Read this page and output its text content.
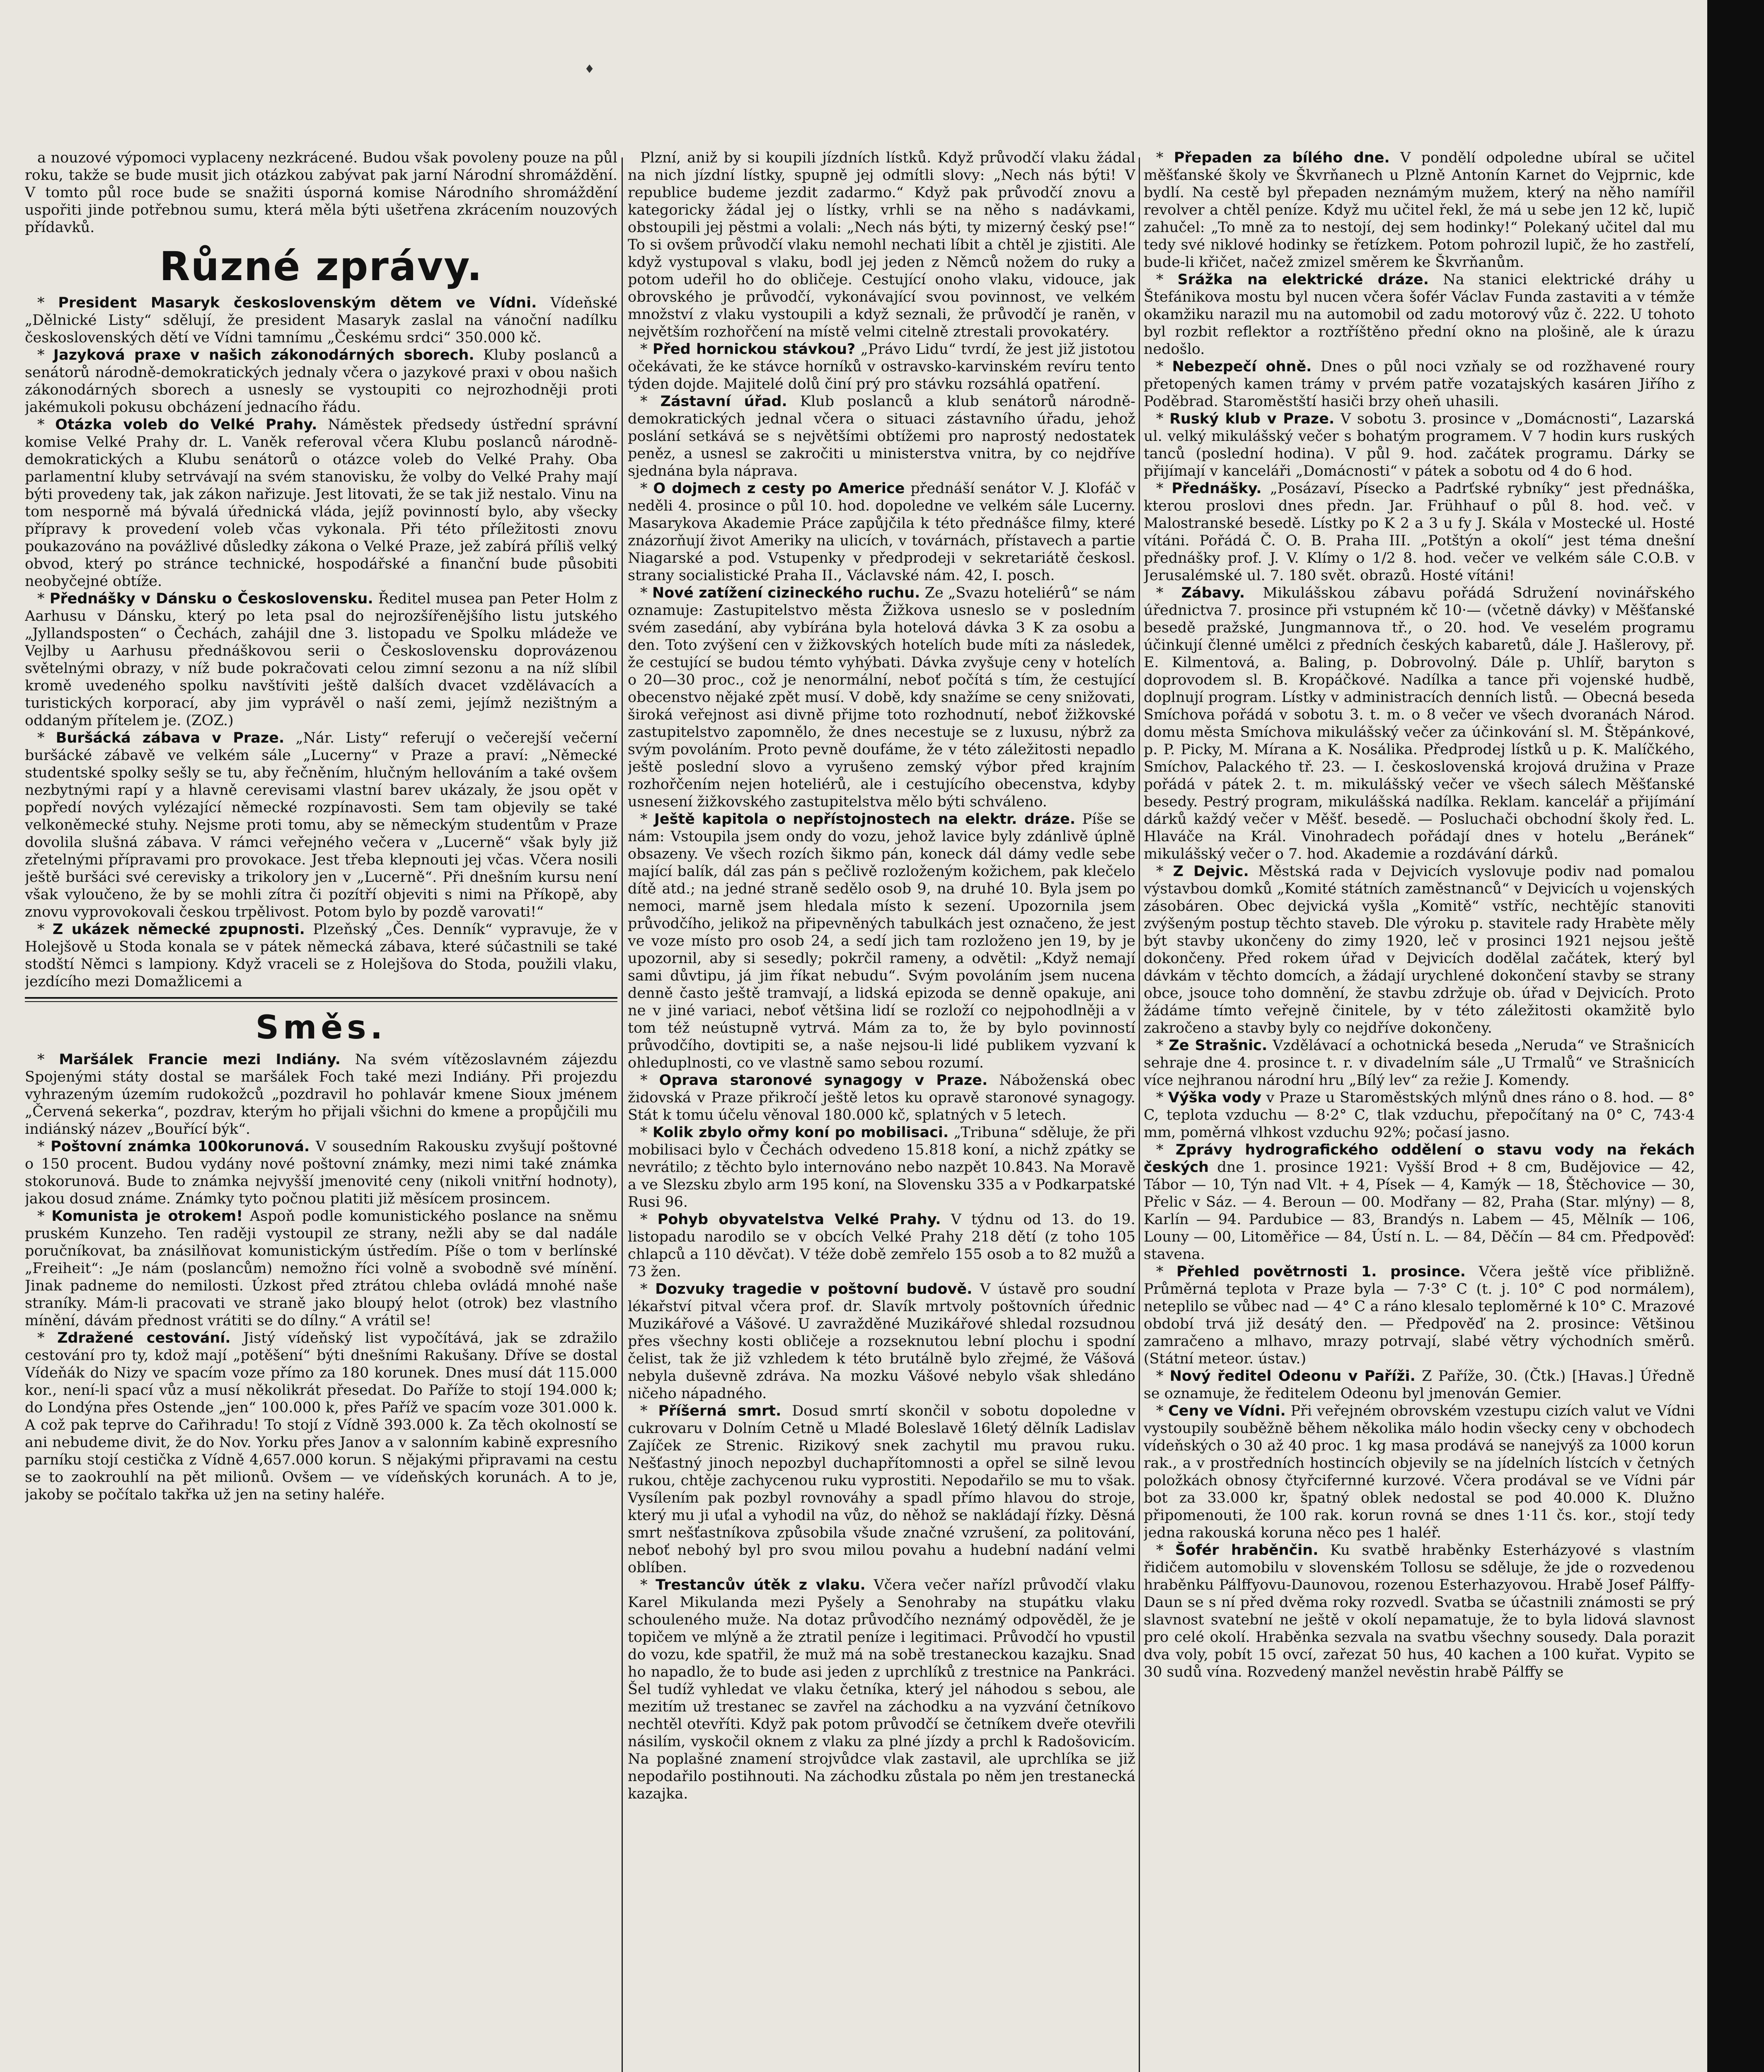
♦

a nouzové výpomoci vyplaceny nezkrácené. Budou však povoleny pouze na půl roku, takže se bude musit jich otázkou zabývat pak jarní Národní shromáždění. V tomto půl roce bude se snažiti úsporná komise Národního shromáždění uspořiti jinde potřebnou sumu, která měla býti ušetřena zkrácením nouzových přídavků.

Různé zprávy.

* President Masaryk československým dětem ve Vídni. Vídeňské „Dělnické Listy“ sdělují, že president Masaryk zaslal na vánoční nadílku československých dětí ve Vídni tamnímu „Českému srdci“ 350.000 kč.

* Jazyková praxe v našich zákonodárných sborech. Kluby poslanců a senátorů národně-demokratických jednaly včera o jazykové praxi v obou našich zákonodárných sborech a usnesly se vystoupiti co nejrozhodněji proti jakémukoli pokusu obcházení jednacího řádu.

* Otázka voleb do Velké Prahy. Náměstek předsedy ústřední správní komise Velké Prahy dr. L. Vaněk referoval včera Klubu poslanců národně-demokratických a Klubu senátorů o otázce voleb do Velké Prahy. Oba parlamentní kluby setrvávají na svém stanovisku, že volby do Velké Prahy mají býti provedeny tak, jak zákon nařizuje. Jest litovati, že se tak již nestalo. Vinu na tom nesporně má bývalá úřednická vláda, jejíž povinností bylo, aby všecky přípravy k provedení voleb včas vykonala. Při této příležitosti znovu poukazováno na povážlivé důsledky zákona o Velké Praze, jež zabírá příliš velký obvod, který po stránce technické, hospodářské a finanční bude působiti neobyčejné obtíže.

* Přednášky v Dánsku o Československu. Ředitel musea pan Peter Holm z Aarhusu v Dánsku, který po leta psal do nejrozšířenějšího listu jutského „Jyllandsposten“ o Čechách, zahájil dne 3. listopadu ve Spolku mládeže ve Vejlby u Aarhusu přednáškovou serii o Československu doprovázenou světelnými obrazy, v níž bude pokračovati celou zimní sezonu a na níž slíbil kromě uvedeného spolku navštíviti ještě dalších dvacet vzdělávacích a turistických korporací, aby jim vyprávěl o naší zemi, jejímž nezištným a oddaným přítelem je. (ZOZ.)

* Buršácká zábava v Praze. „Nár. Listy“ referují o večerejší večerní buršácké zábavě ve velkém sále „Lucerny“ v Praze a praví: „Německé studentské spolky sešly se tu, aby řečněním, hlučným hellováním a také ovšem nezbytnými rapí y a hlavně cerevisami vlastní barev ukázaly, že jsou opět v popředí nových vylézající německé rozpínavosti. Sem tam objevily se také velkoněmecké stuhy. Nejsme proti tomu, aby se německým studentům v Praze dovolila slušná zábava. V rámci veřejného večera v „Lucerně“ však byly již zřetelnými přípravami pro provokace. Jest třeba klepnouti jej včas. Včera nosili ještě buršáci své cerevisky a trikolory jen v „Lucerně“. Při dnešním kursu není však vyloučeno, že by se mohli zítra či pozítří objeviti s nimi na Příkopě, aby znovu vyprovokovali českou trpělivost. Potom bylo by pozdě varovati!“

* Z ukázek německé zpupnosti. Plzeňský „Čes. Denník“ vypravuje, že v Holejšově u Stoda konala se v pátek německá zábava, které súčastnili se také stodští Němci s lampiony. Když vraceli se z Holejšova do Stoda, použili vlaku, jezdícího mezi Domažlicemi a

Směs.

* Maršálek Francie mezi Indiány. Na svém vítězoslavném zájezdu Spojenými státy dostal se maršálek Foch také mezi Indiány. Při projezdu vyhrazeným územím rudokožců „pozdravil ho pohlavár kmene Sioux jménem „Červená sekerka“, pozdrav, kterým ho přijali všichni do kmene a propůjčili mu indiánský název „Bouřící býk“.

* Poštovní známka 100korunová. V sousedním Rakousku zvyšují poštovné o 150 procent. Budou vydány nové poštovní známky, mezi nimi také známka stokorunová. Bude to známka nejvyšší jmenovité ceny (nikoli vnitřní hodnoty), jakou dosud známe. Známky tyto počnou platiti již měsícem prosincem.

* Komunista je otrokem! Aspoň podle komunistického poslance na sněmu pruském Kunzeho. Ten raději vystoupil ze strany, nežli aby se dal nadále poručníkovat, ba znásilňovat komunistickým ústředím. Píše o tom v berlínské „Freiheit“: „Je nám (poslancům) nemožno říci volně a svobodně své mínění. Jinak padneme do nemilosti. Úzkost před ztrátou chleba ovládá mnohé naše straníky. Mám-li pracovati ve straně jako bloupý helot (otrok) bez vlastního mínění, dávám přednost vrátiti se do dílny.“ A vrátil se!

* Zdražené cestování. Jistý vídeňský list vypočítává, jak se zdražilo cestování pro ty, kdož mají „potěšení“ býti dnešními Rakušany. Dříve se dostal Vídeňák do Nizy ve spacím voze přímo za 180 korunek. Dnes musí dát 115.000 kor., není-li spací vůz a musí několikrát přesedat. Do Paříže to stojí 194.000 k; do Londýna přes Ostende „jen“ 100.000 k, přes Paříž ve spacím voze 301.000 k. A což pak teprve do Cařihradu! To stojí z Vídně 393.000 k. Za těch okolností se ani nebudeme divit, že do Nov. Yorku přes Janov a v salonním kabině expresního parníku stojí cestička z Vídně 4,657.000 korun. S nějakými připravami na cestu se to zaokrouhlí na pět milionů. Ovšem — ve vídeňských korunách. A to je, jakoby se počítalo takřka už jen na setiny haléře.

Plzní, aniž by si koupili jízdních lístků. Když průvodčí vlaku žádal na nich jízdní lístky, spupně jej odmítli slovy: „Nech nás býti! V republice budeme jezdit zadarmo.“ Když pak průvodčí znovu a kategoricky žádal jej o lístky, vrhli se na něho s nadávkami, obstoupili jej pěstmi a volali: „Nech nás býti, ty mizerný český pse!“ To si ovšem průvodčí vlaku nemohl nechati líbit a chtěl je zjistiti. Ale když vystupoval s vlaku, bodl jej jeden z Němců nožem do ruky a potom udeřil ho do obličeje. Cestující onoho vlaku, vidouce, jak obrovského je průvodčí, vykonávající svou povinnost, ve velkém množství z vlaku vystoupili a když seznali, že průvodčí je raněn, v největším rozhořčení na místě velmi citelně ztrestali provokatéry.

* Před hornickou stávkou? „Právo Lidu“ tvrdí, že jest již jistotou očekávati, že ke stávce horníků v ostravsko-karvinském revíru tento týden dojde. Majitelé dolů činí prý pro stávku rozsáhlá opatření.

* Zástavní úřad. Klub poslanců a klub senátorů národně-demokratických jednal včera o situaci zástavního úřadu, jehož poslání setkává se s největšími obtížemi pro naprostý nedostatek peněz, a usnesl se zakročiti u ministerstva vnitra, by co nejdříve sjednána byla náprava.

* O dojmech z cesty po Americe přednáší senátor V. J. Klofáč v neděli 4. prosince o půl 10. hod. dopoledne ve velkém sále Lucerny. Masarykova Akademie Práce zapůjčila k této přednášce filmy, které znázorňují život Ameriky na ulicích, v továrnách, přístavech a partie Niagarské a pod. Vstupenky v předprodeji v sekretariátě českosl. strany socialistické Praha II., Václavské nám. 42, I. posch.

* Nové zatížení cizineckého ruchu. Ze „Svazu hoteliérů“ se nám oznamuje: Zastupitelstvo města Žižkova usneslo se v posledním svém zasedání, aby vybírána byla hotelová dávka 3 K za osobu a den. Toto zvýšení cen v žižkovských hotelích bude míti za následek, že cestující se budou témto vyhýbati. Dávka zvyšuje ceny v hotelích o 20—30 proc., což je nenormální, neboť počítá s tím, že cestující obecenstvo nějaké zpět musí. V době, kdy snažíme se ceny snižovati, široká veřejnost asi divně přijme toto rozhodnutí, neboť žižkovské zastupitelstvo zapomnělo, že dnes necestuje se z luxusu, nýbrž za svým povoláním. Proto pevně doufáme, že v této záležitosti nepadlo ještě poslední slovo a vyrušeno zemský výbor před krajním rozhořčením nejen hoteliérů, ale i cestujícího obecenstva, kdyby usnesení žižkovského zastupitelstva mělo býti schváleno.

* Ještě kapitola o nepřístojnostech na elektr. dráze. Píše se nám: Vstoupila jsem ondy do vozu, jehož lavice byly zdánlivě úplně obsazeny. Ve všech rozích šikmo pán, koneck dál dámy vedle sebe mající balík, dál zas pán s pečlivě rozloženým kožichem, pak klečelo dítě atd.; na jedné straně sedělo osob 9, na druhé 10. Byla jsem po nemoci, marně jsem hledala místo k sezení. Upozornila jsem průvodčího, jelikož na připevněných tabulkách jest označeno, že jest ve voze místo pro osob 24, a sedí jich tam rozloženo jen 19, by je upozornil, aby si sesedly; pokrčil rameny, a odvětil: „Když nemají sami důvtipu, já jim říkat nebudu“. Svým povoláním jsem nucena denně často ještě tramvají, a lidská epizoda se denně opakuje, ani ne v jiné variaci, neboť většina lidí se rozloží co nejpohodlněji a v tom též neústupně vytrvá. Mám za to, že by bylo povinností průvodčího, dovtipiti se, a naše nejsou-li lidé publikem vyzvaní k ohleduplnosti, co ve vlastně samo sebou rozumí.

* Oprava staronové synagogy v Praze. Náboženská obec židovská v Praze přikročí ještě letos ku opravě staronové synagogy. Stát k tomu účelu věnoval 180.000 kč, splatných v 5 letech.

* Kolik zbylo ořmy koní po mobilisaci. „Tribuna“ sděluje, že při mobilisaci bylo v Čechách odvedeno 15.818 koní, a nichž zpátky se nevrátilo; z těchto bylo internováno nebo nazpět 10.843. Na Moravě a ve Slezsku zbylo arm 195 koní, na Slovensku 335 a v Podkarpatské Rusi 96.

* Pohyb obyvatelstva Velké Prahy. V týdnu od 13. do 19. listopadu narodilo se v obcích Velké Prahy 218 dětí (z toho 105 chlapců a 110 děvčat). V téže době zemřelo 155 osob a to 82 mužů a 73 žen.

* Dozvuky tragedie v poštovní budově. V ústavě pro soudní lékařství pitval včera prof. dr. Slavík mrtvoly poštovních úřednic Muzikářové a Vášové. U zavražděné Muzikářové shledal rozsudnou přes všechny kosti obličeje a rozseknutou lební plochu i spodní čelist, tak že již vzhledem k této brutálně bylo zřejmé, že Vášová nebyla duševně zdráva. Na mozku Vášové nebylo však shledáno ničeho nápadného.

* Příšerná smrt. Dosud smrtí skončil v sobotu dopoledne v cukrovaru v Dolním Cetně u Mladé Boleslavě 16letý dělník Ladislav Zajíček ze Strenic. Rizikový snek zachytil mu pravou ruku. Nešťastný jinoch nepozbyl duchapřítomnosti a opřel se silně levou rukou, chtěje zachycenou ruku vyprostiti. Nepodařilo se mu to však. Vysílením pak pozbyl rovnováhy a spadl přímo hlavou do stroje, který mu ji uťal a vyhodil na vůz, do něhož se nakládají řízky. Děsná smrt nešťastníkova způsobila všude značné vzrušení, za politování, neboť nebohý byl pro svou milou povahu a hudební nadání velmi oblíben.

* Trestancův útěk z vlaku. Včera večer nařízl průvodčí vlaku Karel Mikulanda mezi Pyšely a Senohraby na stupátku vlaku schouleného muže. Na dotaz průvodčího neznámý odpověděl, že je topičem ve mlýně a že ztratil peníze i legitimaci. Průvodčí ho vpustil do vozu, kde spatřil, že muž má na sobě trestaneckou kazajku. Snad ho napadlo, že to bude asi jeden z uprchlíků z trestnice na Pankráci. Šel tudíž vyhledat ve vlaku četníka, který jel náhodou s sebou, ale mezitím už trestanec se zavřel na záchodku a na vyzvání četníkovo nechtěl otevříti. Když pak potom průvodčí se četníkem dveře otevřili násilím, vyskočil oknem z vlaku za plné jízdy a prchl k Radošovicím. Na poplašné znamení strojvůdce vlak zastavil, ale uprchlíka se již nepodařilo postihnouti. Na záchodku zůstala po něm jen trestanecká kazajka.

* Přepaden za bílého dne. V pondělí odpoledne ubíral se učitel měšťanské školy ve Škvrňanech u Plzně Antonín Karnet do Vejprnic, kde bydlí. Na cestě byl přepaden neznámým mužem, který na něho namířil revolver a chtěl peníze. Když mu učitel řekl, že má u sebe jen 12 kč, lupič zahučel: „To mně za to nestojí, dej sem hodinky!“ Polekaný učitel dal mu tedy své niklové hodinky se řetízkem. Potom pohrozil lupič, že ho zastřelí, bude-li křičet, načež zmizel směrem ke Škvrňanům.

* Srážka na elektrické dráze. Na stanici elektrické dráhy u Štefánikova mostu byl nucen včera šofér Václav Funda zastaviti a v témže okamžiku narazil mu na automobil od zadu motorový vůz č. 222. U tohoto byl rozbit reflektor a roztříštěno přední okno na plošině, ale k úrazu nedošlo.

* Nebezpečí ohně. Dnes o půl noci vzňaly se od rozžhavené roury přetopených kamen trámy v prvém patře vozatajských kasáren Jiřího z Poděbrad. Staroměstští hasiči brzy oheň uhasili.

* Ruský klub v Praze. V sobotu 3. prosince v „Domácnosti“, Lazarská ul. velký mikulášský večer s bohatým programem. V 7 hodin kurs ruských tanců (poslední hodina). V půl 9. hod. začátek programu. Dárky se přijímají v kanceláři „Domácnosti“ v pátek a sobotu od 4 do 6 hod.

* Přednášky. „Posázaví, Písecko a Padrťské rybníky“ jest přednáška, kterou proslovi dnes předn. Jar. Frühhauf o půl 8. hod. več. v Malostranské besedě. Lístky po K 2 a 3 u fy J. Skála v Mostecké ul. Hosté vítáni. Pořádá Č. O. B. Praha III. „Potštýn a okolí“ jest téma dnešní přednášky prof. J. V. Klímy o 1/2 8. hod. večer ve velkém sále C.O.B. v Jerusalémské ul. 7. 180 svět. obrazů. Hosté vítáni!

* Zábavy. Mikulášskou zábavu pořádá Sdružení novinářského úřednictva 7. prosince při vstupném kč 10·— (včetně dávky) v Měšťanské besedě pražské, Jungmannova tř., o 20. hod. Ve veselém programu účinkují členné umělci z předních českých kabaretů, dále J. Hašlerovy, př. E. Kilmentová, a. Baling, p. Dobrovolný. Dále p. Uhlíř, baryton s doprovodem sl. B. Kropáčkové. Nadílka a tance při vojenské hudbě, doplnují program. Lístky v administracích denních listů. — Obecná beseda Smíchova pořádá v sobotu 3. t. m. o 8 večer ve všech dvoranách Národ. domu města Smíchova mikulášský večer za účinkování sl. M. Štěpánkové, p. P. Picky, M. Mírana a K. Nosálika. Předprodej lístků u p. K. Malíčkého, Smíchov, Palackého tř. 23. — I. československá krojová družina v Praze pořádá v pátek 2. t. m. mikulášský večer ve všech sálech Měšťanské besedy. Pestrý program, mikulášská nadílka. Reklam. kancelář a přijímání dárků každý večer v Měšť. besedě. — Posluchači obchodní školy řed. L. Hlaváče na Král. Vinohradech pořádají dnes v hotelu „Beránek“ mikulášský večer o 7. hod. Akademie a rozdávání dárků.

* Z Dejvic. Městská rada v Dejvicích vyslovuje podiv nad pomalou výstavbou domků „Komité státních zaměstnanců“ v Dejvicích u vojenských zásobáren. Obec dejvická vyšla „Komitě“ vstříc, nechtějíc stanoviti zvýšeným postup těchto staveb. Dle výroku p. stavitele rady Hrabète měly být stavby ukončeny do zimy 1920, leč v prosinci 1921 nejsou ještě dokončeny. Před rokem úřad v Dejvicích dodělal začátek, který byl dávkám v těchto domcích, a žádají urychlené dokončení stavby se strany obce, jsouce toho domnění, že stavbu zdržuje ob. úřad v Dejvicích. Proto žádáme tímto veřejně činitele, by v této záležitosti okamžitě bylo zakročeno a stavby byly co nejdříve dokončeny.

* Ze Strašnic. Vzdělávací a ochotnická beseda „Neruda“ ve Strašnicích sehraje dne 4. prosince t. r. v divadelním sále „U Trmalů“ ve Strašnicích více nejhranou národní hru „Bílý lev“ za režie J. Komendy.

* Výška vody v Praze u Staroměstských mlýnů dnes ráno o 8. hod. — 8° C, teplota vzduchu — 8·2° C, tlak vzduchu, přepočítaný na 0° C, 743·4 mm, poměrná vlhkost vzduchu 92%; počasí jasno.

* Zprávy hydrografického oddělení o stavu vody na řekách českých dne 1. prosince 1921: Vyšší Brod + 8 cm, Budějovice — 42, Tábor — 10, Týn nad Vlt. + 4, Písek — 4, Kamýk — 18, Štěchovice — 30, Přelic v Sáz. — 4. Beroun — 00. Modřany — 82, Praha (Star. mlýny) — 8, Karlín — 94. Pardubice — 83, Brandýs n. Labem — 45, Mělník — 106, Louny — 00, Litoměřice — 84, Ústí n. L. — 84, Děčín — 84 cm. Předpověď: stavena.

* Přehled povětrnosti 1. prosince. Včera ještě více přibližně. Průměrná teplota v Praze byla — 7·3° C (t. j. 10° C pod normálem), neteplilo se vůbec nad — 4° C a ráno klesalo teploměrné k 10° C. Mrazové období trvá již desátý den. — Předpověď na 2. prosince: Většinou zamračeno a mlhavo, mrazy potrvají, slabé větry východních směrů. (Státní meteor. ústav.)

* Nový ředitel Odeonu v Paříži. Z Paříže, 30. (Čtk.) [Havas.] Úředně se oznamuje, že ředitelem Odeonu byl jmenován Gemier.

* Ceny ve Vídni. Při veřejném obrovském vzestupu cizích valut ve Vídni vystoupily souběžně během několika málo hodin všecky ceny v obchodech vídeňských o 30 až 40 proc. 1 kg masa prodává se nanejvýš za 1000 korun rak., a v prostředních hostincích objevily se na jídelních lístcích v četných položkách obnosy čtyřcifernné kurzové. Včera prodával se ve Vídni pár bot za 33.000 kr, špatný oblek nedostal se pod 40.000 K. Dlužno připomenouti, že 100 rak. korun rovná se dnes 1·11 čs. kor., stojí tedy jedna rakouská koruna něco pes 1 haléř.

* Šofér hraběnčin. Ku svatbě hraběnky Esterházyové s vlastním řidičem automobilu v slovenském Tollosu se sděluje, že jde o rozvedenou hraběnku Pálffyovu-Daunovou, rozenou Esterhazyovou. Hrabě Josef Pálffy-Daun se s ní před dvěma roky rozvedl. Svatba se účastnili známosti se prý slavnost svatební ne ještě v okolí nepamatuje, že to byla lidová slavnost pro celé okolí. Hraběnka sezvala na svatbu všechny sousedy. Dala porazit dva voly, pobít 15 ovcí, zařezat 50 hus, 40 kachen a 100 kuřat. Vypito se 30 sudů vína. Rozvedený manžel nevěstin hrabě Pálffy se
